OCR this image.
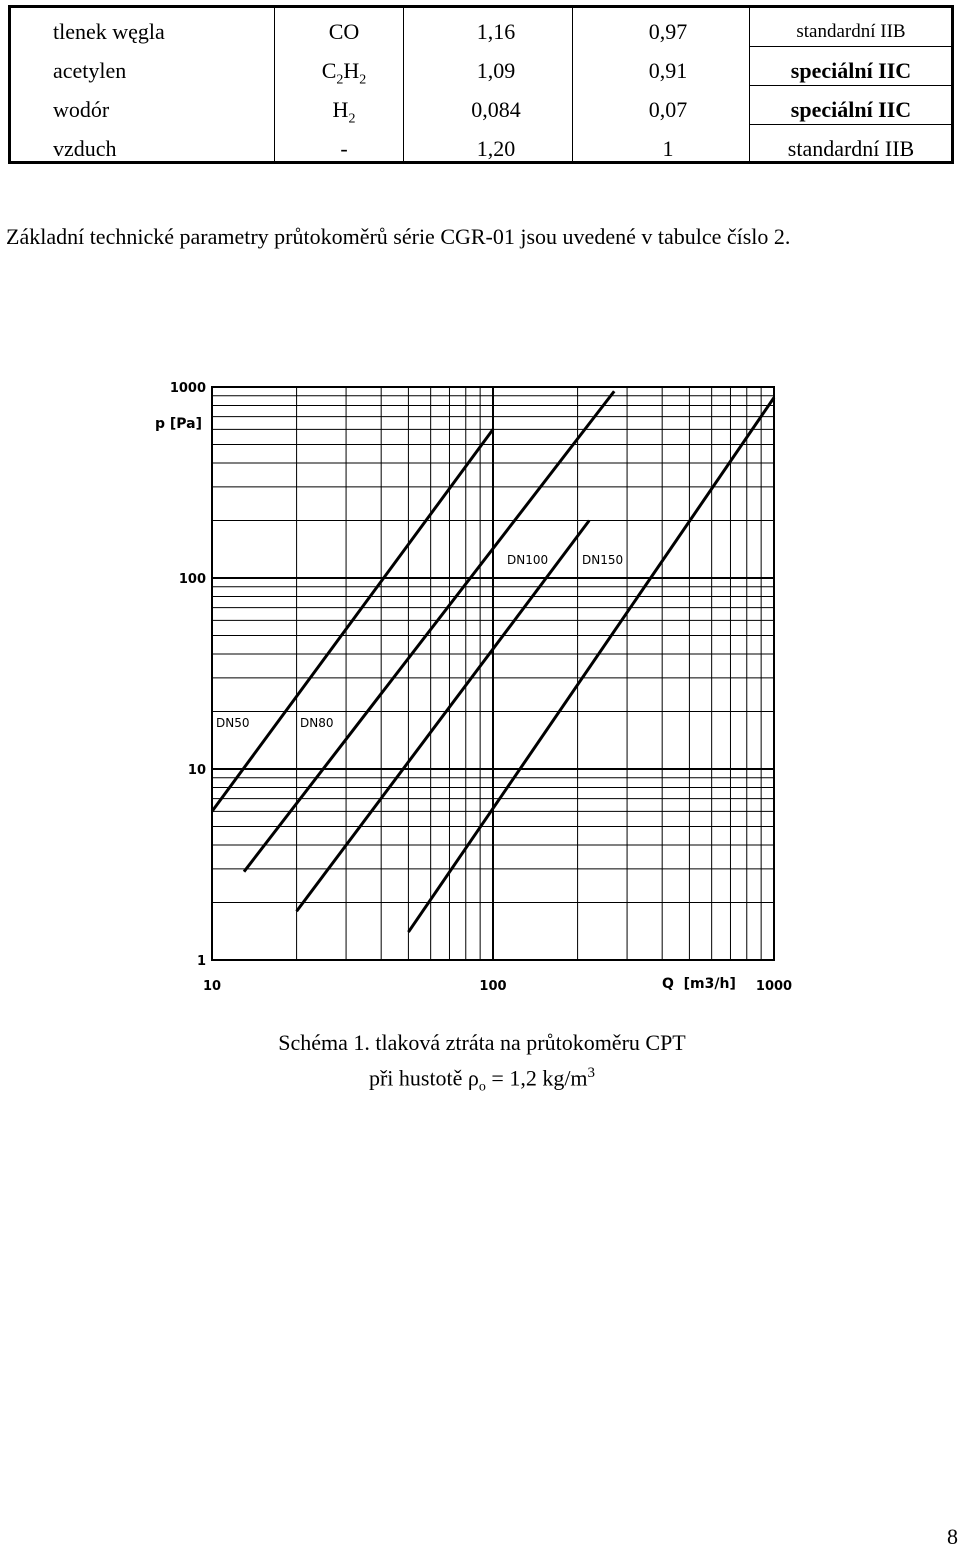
tlenek węgla	CO	1,16	0,97	standardní IIB
acetylen	$C_2H_2$	1,09	0,91	speciální IIC
wodór	$H_2$	0,084	0,07	speciální IIC
vzduch	-	1,20	1	standardní IIB
Základní technické parametry průtokoměrů série CGR-01 jsou uvedené v tabulce číslo 2.
DN50	DN80
DN100	DN150
1
10
100
1000
10	100	1000
p [Pa]
Q  [m3/h]
Schéma 1. tlaková ztráta na průtokoměru CPT
při hustotě $\rho_o = 1,2$ $kg/m^3$
8
